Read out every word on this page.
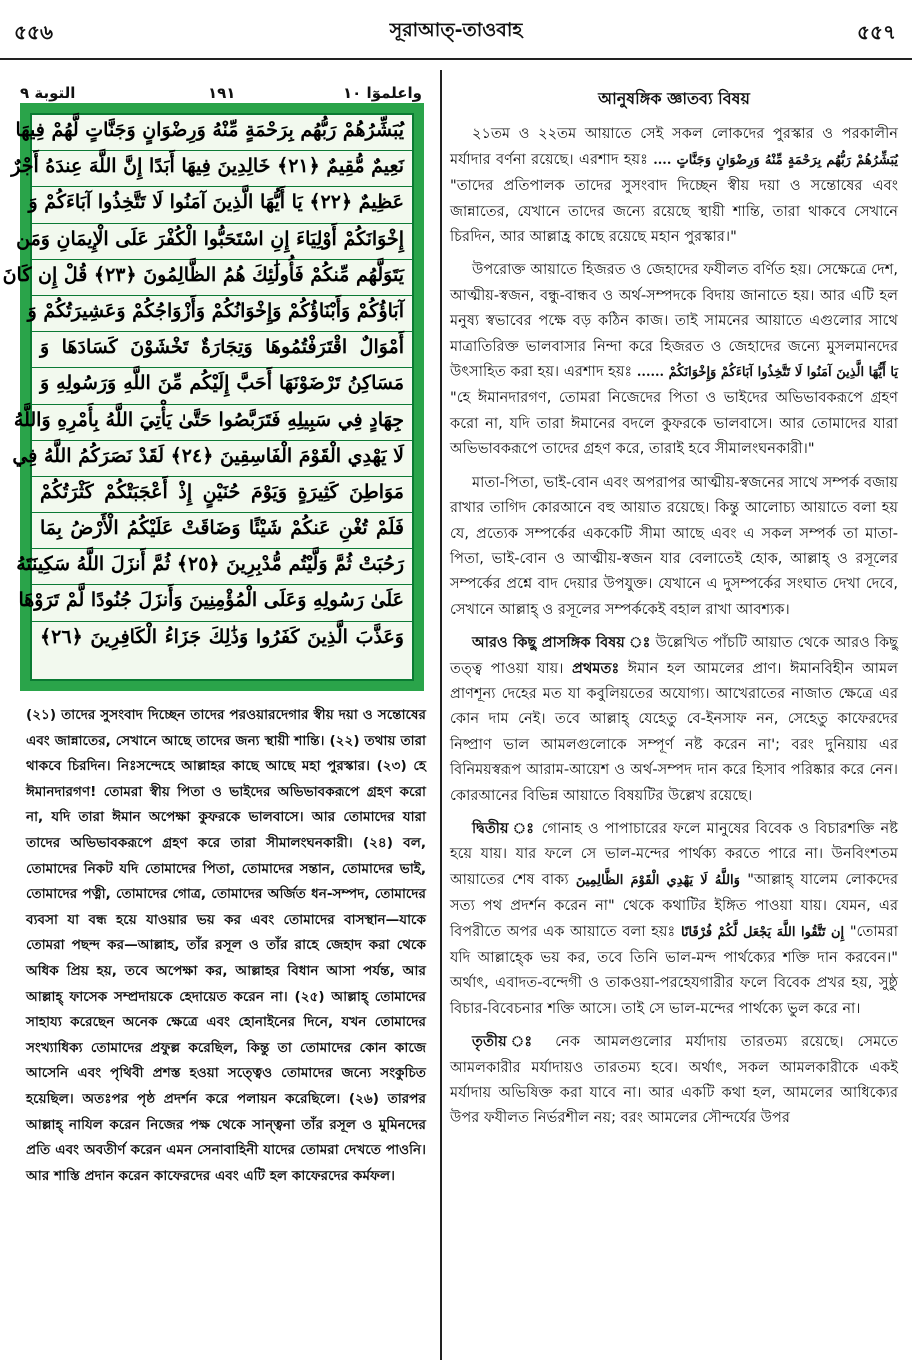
৫৫৬	সূরাআত্-তাওবাহ	৫৫৭
التوبة ٩	١٩١	واعلموٓا ١٠
يُبَشِّرُهُمْ رَبُّهُم بِرَحْمَةٍ مِّنْهُ وَرِضْوَانٍ وَجَنَّاتٍ لَّهُمْ فِيهَا
نَعِيمٌ مُّقِيمٌ ﴿٢١﴾ خَالِدِينَ فِيهَا أَبَدًا إِنَّ اللَّهَ عِندَهُ أَجْرٌ
عَظِيمٌ ﴿٢٢﴾ يَا أَيُّهَا الَّذِينَ آمَنُوا لَا تَتَّخِذُوا آبَاءَكُمْ وَ
إِخْوَانَكُمْ أَوْلِيَاءَ إِنِ اسْتَحَبُّوا الْكُفْرَ عَلَى الْإِيمَانِ وَمَن
يَتَوَلَّهُم مِّنكُمْ فَأُولَٰئِكَ هُمُ الظَّالِمُونَ ﴿٢٣﴾ قُلْ إِن كَانَ
آبَاؤُكُمْ وَأَبْنَاؤُكُمْ وَإِخْوَانُكُمْ وَأَزْوَاجُكُمْ وَعَشِيرَتُكُمْ وَ
أَمْوَالٌ اقْتَرَفْتُمُوهَا وَتِجَارَةٌ تَخْشَوْنَ كَسَادَهَا وَ
مَسَاكِنُ تَرْضَوْنَهَا أَحَبَّ إِلَيْكُم مِّنَ اللَّهِ وَرَسُولِهِ وَ
جِهَادٍ فِي سَبِيلِهِ فَتَرَبَّصُوا حَتَّىٰ يَأْتِيَ اللَّهُ بِأَمْرِهِ وَاللَّهُ
لَا يَهْدِي الْقَوْمَ الْفَاسِقِينَ ﴿٢٤﴾ لَقَدْ نَصَرَكُمُ اللَّهُ فِي
مَوَاطِنَ كَثِيرَةٍ وَيَوْمَ حُنَيْنٍ إِذْ أَعْجَبَتْكُمْ كَثْرَتُكُمْ
فَلَمْ تُغْنِ عَنكُمْ شَيْئًا وَضَاقَتْ عَلَيْكُمُ الْأَرْضُ بِمَا
رَحُبَتْ ثُمَّ وَلَّيْتُم مُّدْبِرِينَ ﴿٢٥﴾ ثُمَّ أَنزَلَ اللَّهُ سَكِينَتَهُ
عَلَىٰ رَسُولِهِ وَعَلَى الْمُؤْمِنِينَ وَأَنزَلَ جُنُودًا لَّمْ تَرَوْهَا
وَعَذَّبَ الَّذِينَ كَفَرُوا وَذَٰلِكَ جَزَاءُ الْكَافِرِينَ ﴿٢٦﴾
(২১) তাদের সুসংবাদ দিচ্ছেন তাদের পরওয়ারদেগার স্বীয় দয়া ও সন্তোষের এবং জান্নাতের, সেখানে আছে তাদের জন্য স্থায়ী শান্তি। (২২) তথায় তারা থাকবে চিরদিন। নিঃসন্দেহে আল্লাহর কাছে আছে মহা পুরস্কার। (২৩) হে ঈমানদারগণ! তোমরা স্বীয় পিতা ও ভাইদের অভিভাবকরূপে গ্রহণ করো না, যদি তারা ঈমান অপেক্ষা কুফরকে ভালবাসে। আর তোমাদের যারা তাদের অভিভাবকরূপে গ্রহণ করে তারা সীমালংঘনকারী। (২৪) বল, তোমাদের নিকট যদি তোমাদের পিতা, তোমাদের সন্তান, তোমাদের ভাই, তোমাদের পত্নী, তোমাদের গোত্র, তোমাদের অর্জিত ধন-সম্পদ, তোমাদের ব্যবসা যা বন্ধ হয়ে যাওয়ার ভয় কর এবং তোমাদের বাসস্থান—যাকে তোমরা পছন্দ কর—আল্লাহ, তাঁর রসূল ও তাঁর রাহে জেহাদ করা থেকে অধিক প্রিয় হয়, তবে অপেক্ষা কর, আল্লাহর বিধান আসা পর্যন্ত, আর আল্লাহ্ ফাসেক সম্প্রদায়কে হেদায়েত করেন না। (২৫) আল্লাহ্ তোমাদের সাহায্য করেছেন অনেক ক্ষেত্রে এবং হোনাইনের দিনে, যখন তোমাদের সংখ্যাধিক্য তোমাদের প্রফুল্ল করেছিল, কিন্তু তা তোমাদের কোন কাজে আসেনি এবং পৃথিবী প্রশস্ত হওয়া সত্ত্বেও তোমাদের জন্যে সংকুচিত হয়েছিল। অতঃপর পৃষ্ঠ প্রদর্শন করে পলায়ন করেছিলে। (২৬) তারপর আল্লাহ্ নাযিল করেন নিজের পক্ষ থেকে সান্ত্বনা তাঁর রসূল ও মুমিনদের প্রতি এবং অবতীর্ণ করেন এমন সেনাবাহিনী যাদের তোমরা দেখতে পাওনি। আর শাস্তি প্রদান করেন কাফেরদের এবং এটি হল কাফেরদের কর্মফল।

আনুষঙ্গিক জ্ঞাতব্য বিষয়

২১তম ও ২২তম আয়াতে সেই সকল লোকদের পুরস্কার ও পরকালীন মর্যাদার বর্ণনা রয়েছে। এরশাদ হয়ঃ يُبَشِّرُهُمْ رَبُّهُم بِرَحْمَةٍ مِّنْهُ وَرِضْوَانٍ وَجَنَّاتٍ .... "তাদের প্রতিপালক তাদের সুসংবাদ দিচ্ছেন স্বীয় দয়া ও সন্তোষের এবং জান্নাতের, যেখানে তাদের জন্যে রয়েছে স্থায়ী শান্তি, তারা থাকবে সেখানে চিরদিন, আর আল্লাহ্র কাছে রয়েছে মহান পুরস্কার।"

উপরোক্ত আয়াতে হিজরত ও জেহাদের ফযীলত বর্ণিত হয়। সেক্ষেত্রে দেশ, আত্মীয়-স্বজন, বন্ধু-বান্ধব ও অর্থ-সম্পদকে বিদায় জানাতে হয়। আর এটি হল মনুষ্য স্বভাবের পক্ষে বড় কঠিন কাজ। তাই সামনের আয়াতে এগুলোর সাথে মাত্রাতিরিক্ত ভালবাসার নিন্দা করে হিজরত ও জেহাদের জন্যে মুসলমানদের উৎসাহিত করা হয়। এরশাদ হয়ঃ يَا أَيُّهَا الَّذِينَ آمَنُوا لَا تَتَّخِذُوا آبَاءَكُمْ وَإِخْوَانَكُمْ ...... "হে ঈমানদারগণ, তোমরা নিজেদের পিতা ও ভাইদের অভিভাবকরূপে গ্রহণ করো না, যদি তারা ঈমানের বদলে কুফরকে ভালবাসে। আর তোমাদের যারা অভিভাবকরূপে তাদের গ্রহণ করে, তারাই হবে সীমালংঘনকারী।"

মাতা-পিতা, ভাই-বোন এবং অপরাপর আত্মীয়-স্বজনের সাথে সম্পর্ক বজায় রাখার তাগিদ কোরআনে বহু আয়াত রয়েছে। কিন্তু আলোচ্য আয়াতে বলা হয় যে, প্রত্যেক সম্পর্কের এককেটি সীমা আছে এবং এ সকল সম্পর্ক তা মাতা-পিতা, ভাই-বোন ও আত্মীয়-স্বজন যার বেলাতেই হোক, আল্লাহ্ ও রসূলের সম্পর্কের প্রশ্নে বাদ দেয়ার উপযুক্ত। যেখানে এ দুসম্পর্কের সংঘাত দেখা দেবে, সেখানে আল্লাহ্ ও রসূলের সম্পর্ককেই বহাল রাখা আবশ্যক।

আরও কিছু প্রাসঙ্গিক বিষয় ঃ উল্লেখিত পাঁচটি আয়াত থেকে আরও কিছু তত্ত্ব পাওয়া যায়। প্রথমতঃ ঈমান হল আমলের প্রাণ। ঈমানবিহীন আমল প্রাণশূন্য দেহের মত যা কবুলিয়তের অযোগ্য। আখেরাতের নাজাত ক্ষেত্রে এর কোন দাম নেই। তবে আল্লাহ্ যেহেতু বে-ইনসাফ নন, সেহেতু কাফেরদের নিষ্প্রাণ ভাল আমলগুলোকে সম্পূর্ণ নষ্ট করেন না'; বরং দুনিয়ায় এর বিনিময়স্বরূপ আরাম-আয়েশ ও অর্থ-সম্পদ দান করে হিসাব পরিষ্কার করে নেন। কোরআনের বিভিন্ন আয়াতে বিষয়টির উল্লেখ রয়েছে।

দ্বিতীয় ঃ গোনাহ ও পাপাচারের ফলে মানুষের বিবেক ও বিচারশক্তি নষ্ট হয়ে যায়। যার ফলে সে ভাল-মন্দের পার্থক্য করতে পারে না। উনবিংশতম আয়াতের শেষ বাক্য وَاللَّهُ لَا يَهْدِي الْقَوْمَ الظَّالِمِينَ "আল্লাহ্ যালেম লোকদের সত্য পথ প্রদর্শন করেন না" থেকে কথাটির ইঙ্গিত পাওয়া যায়। যেমন, এর বিপরীতে অপর এক আয়াতে বলা হয়ঃ إِن تَتَّقُوا اللَّهَ يَجْعَل لَّكُمْ فُرْقَانًا "তোমরা যদি আল্লাহ্কে ভয় কর, তবে তিনি ভাল-মন্দ পার্থক্যের শক্তি দান করবেন।" অর্থাৎ, এবাদত-বন্দেগী ও তাকওয়া-পরহেযগারীর ফলে বিবেক প্রখর হয়, সুষ্ঠু বিচার-বিবেচনার শক্তি আসে। তাই সে ভাল-মন্দের পার্থক্যে ভুল করে না।

তৃতীয় ঃ নেক আমলগুলোর মর্যাদায় তারতম্য রয়েছে। সেমতে আমলকারীর মর্যাদায়ও তারতম্য হবে। অর্থাৎ, সকল আমলকারীকে একই মর্যাদায় অভিষিক্ত করা যাবে না। আর একটি কথা হল, আমলের আধিক্যের উপর ফযীলত নির্ভরশীল নয়; বরং আমলের সৌন্দর্যের উপর
